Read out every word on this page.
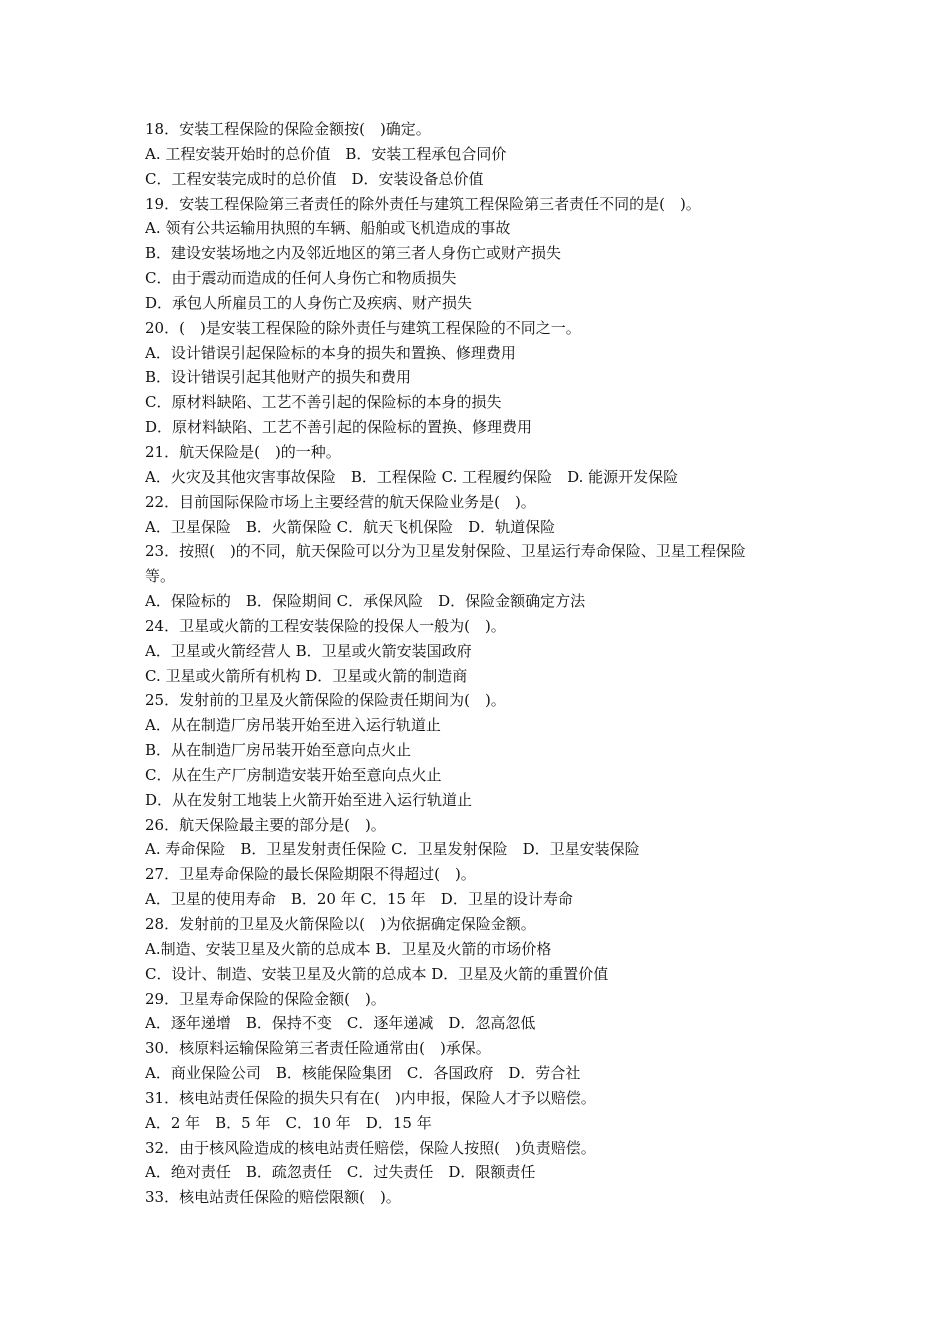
18．安装工程保险的保险金额按(　)确定。
A. 工程安装开始时的总价值　B．安装工程承包合同价
C．工程安装完成时的总价值　D．安装设备总价值
19．安装工程保险第三者责任的除外责任与建筑工程保险第三者责任不同的是(　)。
A. 领有公共运输用执照的车辆、船舶或飞机造成的事故
B．建设安装场地之内及邻近地区的第三者人身伤亡或财产损失
C．由于震动而造成的任何人身伤亡和物质损失
D．承包人所雇员工的人身伤亡及疾病、财产损失
20．(　)是安装工程保险的除外责任与建筑工程保险的不同之一。
A．设计错误引起保险标的本身的损失和置换、修理费用
B．设计错误引起其他财产的损失和费用
C．原材料缺陷、工艺不善引起的保险标的本身的损失
D．原材料缺陷、工艺不善引起的保险标的置换、修理费用
21．航天保险是(　)的一种。
A．火灾及其他灾害事故保险　B．工程保险 C. 工程履约保险　D. 能源开发保险
22．目前国际保险市场上主要经营的航天保险业务是(　)。
A．卫星保险　B．火箭保险 C．航天飞机保险　D．轨道保险
23．按照(　)的不同，航天保险可以分为卫星发射保险、卫星运行寿命保险、卫星工程保险
等。
A．保险标的　B．保险期间 C．承保风险　D．保险金额确定方法
24．卫星或火箭的工程安装保险的投保人一般为(　)。
A．卫星或火箭经营人 B．卫星或火箭安装国政府
C. 卫星或火箭所有机构 D．卫星或火箭的制造商
25．发射前的卫星及火箭保险的保险责任期间为(　)。
A．从在制造厂房吊装开始至进入运行轨道止
B．从在制造厂房吊装开始至意向点火止
C．从在生产厂房制造安装开始至意向点火止
D．从在发射工地装上火箭开始至进入运行轨道止
26．航天保险最主要的部分是(　)。
A. 寿命保险　B．卫星发射责任保险 C．卫星发射保险　D．卫星安装保险
27．卫星寿命保险的最长保险期限不得超过(　)。
A．卫星的使用寿命　B．20 年 C．15 年　D．卫星的设计寿命
28．发射前的卫星及火箭保险以(　)为依据确定保险金额。
A.制造、安装卫星及火箭的总成本 B．卫星及火箭的市场价格
C．设计、制造、安装卫星及火箭的总成本 D．卫星及火箭的重置价值
29．卫星寿命保险的保险金额(　)。
A．逐年递增　B．保持不变　C．逐年递减　D．忽高忽低
30．核原料运输保险第三者责任险通常由(　)承保。
A．商业保险公司　B．核能保险集团　C．各国政府　D．劳合社
31．核电站责任保险的损失只有在(　)内申报，保险人才予以赔偿。
A．2 年　B．5 年　C．10 年　D．15 年
32．由于核风险造成的核电站责任赔偿，保险人按照(　)负责赔偿。
A．绝对责任　B．疏忽责任　C．过失责任　D．限额责任
33．核电站责任保险的赔偿限额(　)。
